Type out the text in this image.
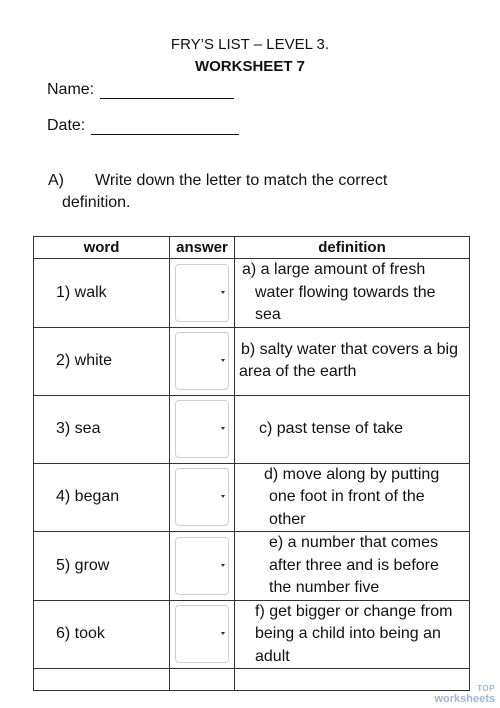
FRY’S LIST – LEVEL 3.
WORKSHEET 7
Name:
Date:
A) Write down the letter to match the correct
definition.
word	answer	definition
1) walk		a) a large amount of fresh water flowing towards the sea
2) white		b) salty water that covers a big area of the earth
3) sea		c) past tense of take
4) began		d) move along by putting one foot in front of the other
5) grow		e) a number that comes after three and is before the number five
6) took		f) get bigger or change from being a child into being an adult

TOP
worksheets
